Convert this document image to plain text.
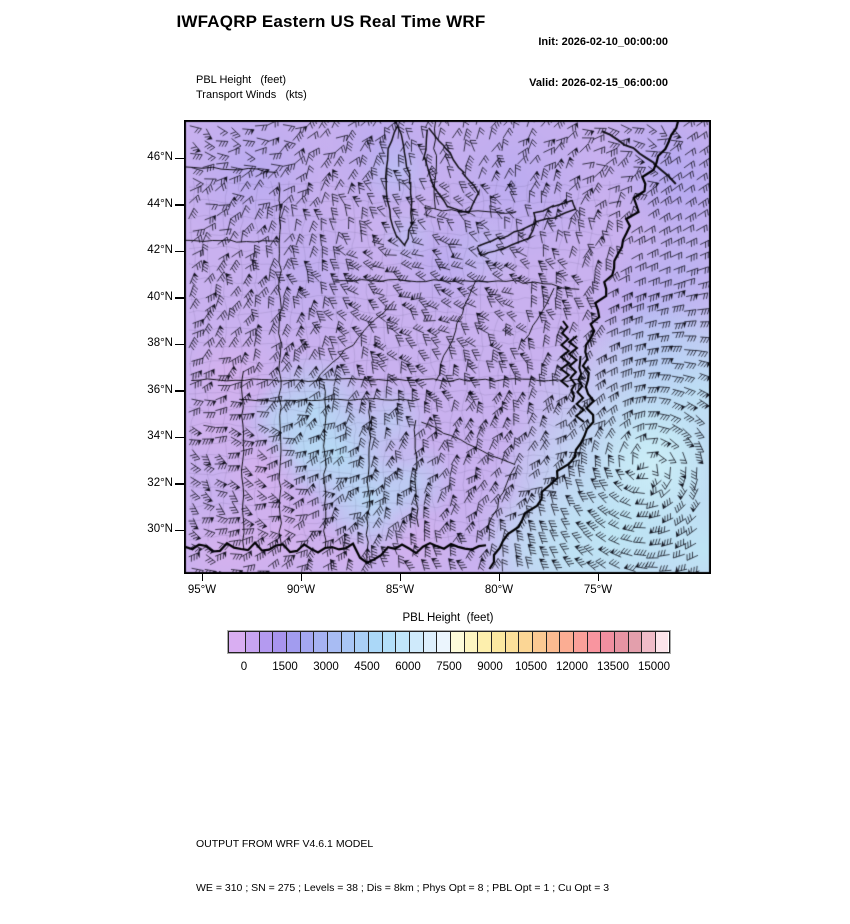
IWFAQRP Eastern US Real Time WRF

Init: 2026-02-10_00:00:00

Valid: 2026-02-15_06:00:00

PBL Height   (feet)
Transport Winds   (kts)
46°N
44°N
42°N
40°N
38°N
36°N
34°N
32°N
30°N
95°W	90°W	85°W	80°W	75°W
PBL Height  (feet)
0 1500 3000 4500 6000 7500 9000 10500 12000 13500 15000

OUTPUT FROM WRF V4.6.1 MODEL

WE = 310 ; SN = 275 ; Levels = 38 ; Dis = 8km ; Phys Opt = 8 ; PBL Opt = 1 ; Cu Opt = 3
